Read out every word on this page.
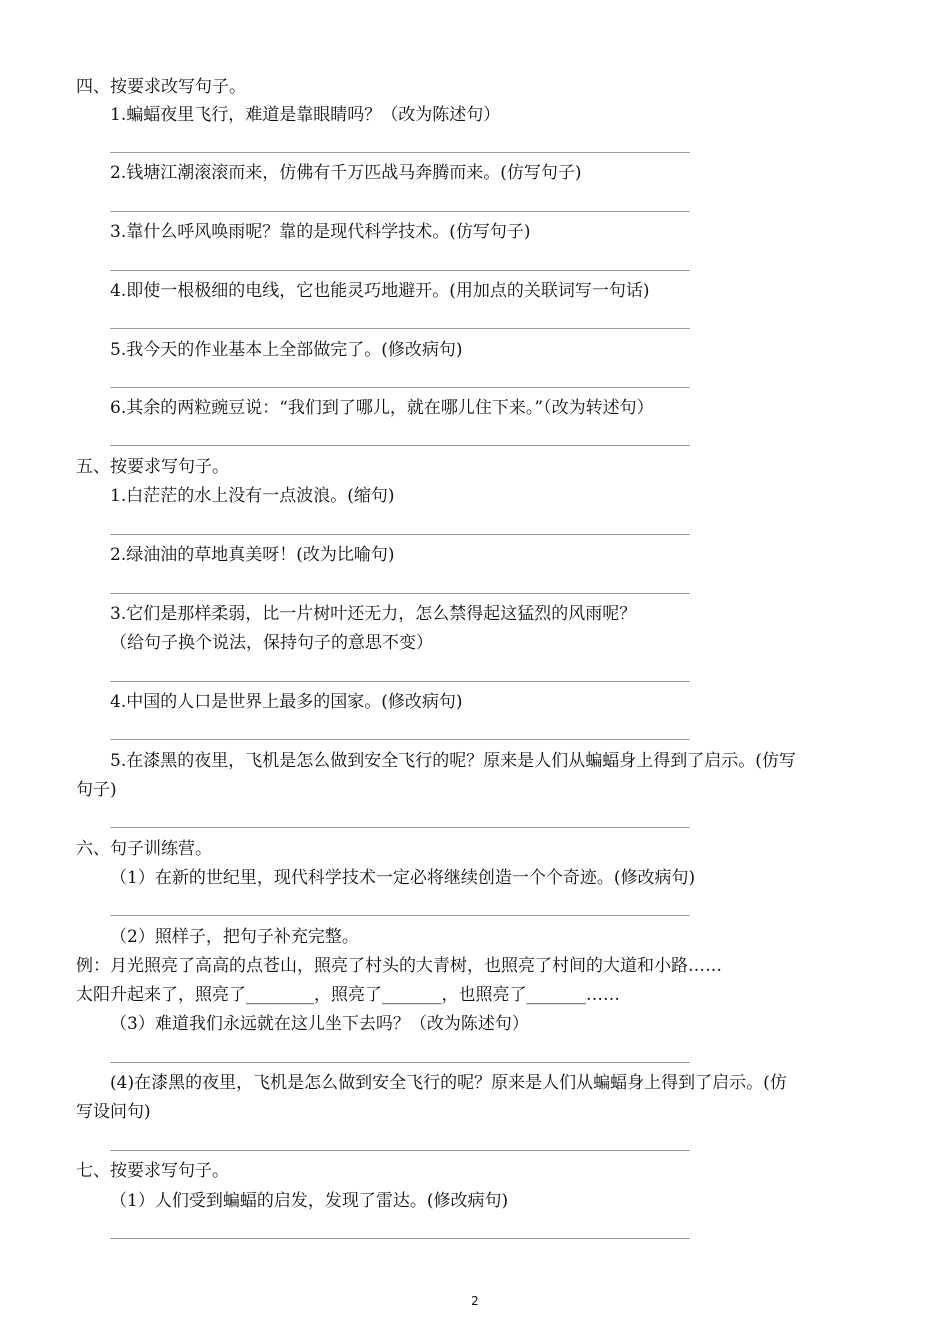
四、按要求改写句子。
1.蝙蝠夜里飞行，难道是靠眼睛吗？（改为陈述句）
2.钱塘江潮滚滚而来，仿佛有千万匹战马奔腾而来。(仿写句子)
3.靠什么呼风唤雨呢？靠的是现代科学技术。(仿写句子)
4.即使一根极细的电线，它也能灵巧地避开。(用加点的关联词写一句话)
5.我今天的作业基本上全部做完了。(修改病句)
6.其余的两粒豌豆说：“我们到了哪儿，就在哪儿住下来。”（改为转述句）
五、按要求写句子。
1.白茫茫的水上没有一点波浪。(缩句)
2.绿油油的草地真美呀！(改为比喻句)
3.它们是那样柔弱，比一片树叶还无力，怎么禁得起这猛烈的风雨呢？
（给句子换个说法，保持句子的意思不变）
4.中国的人口是世界上最多的国家。(修改病句)
5.在漆黑的夜里，飞机是怎么做到安全飞行的呢？原来是人们从蝙蝠身上得到了启示。(仿写
句子)
六、句子训练营。
（1）在新的世纪里，现代科学技术一定必将继续创造一个个奇迹。(修改病句)
（2）照样子，把句子补充完整。
例：月光照亮了高高的点苍山，照亮了村头的大青树，也照亮了村间的大道和小路……
太阳升起来了，照亮了________，照亮了_______，也照亮了_______……
（3）难道我们永远就在这儿坐下去吗？（改为陈述句）
(4)在漆黑的夜里，飞机是怎么做到安全飞行的呢？原来是人们从蝙蝠身上得到了启示。(仿
写设问句)
七、按要求写句子。
（1）人们受到蝙蝠的启发，发现了雷达。(修改病句)
2
